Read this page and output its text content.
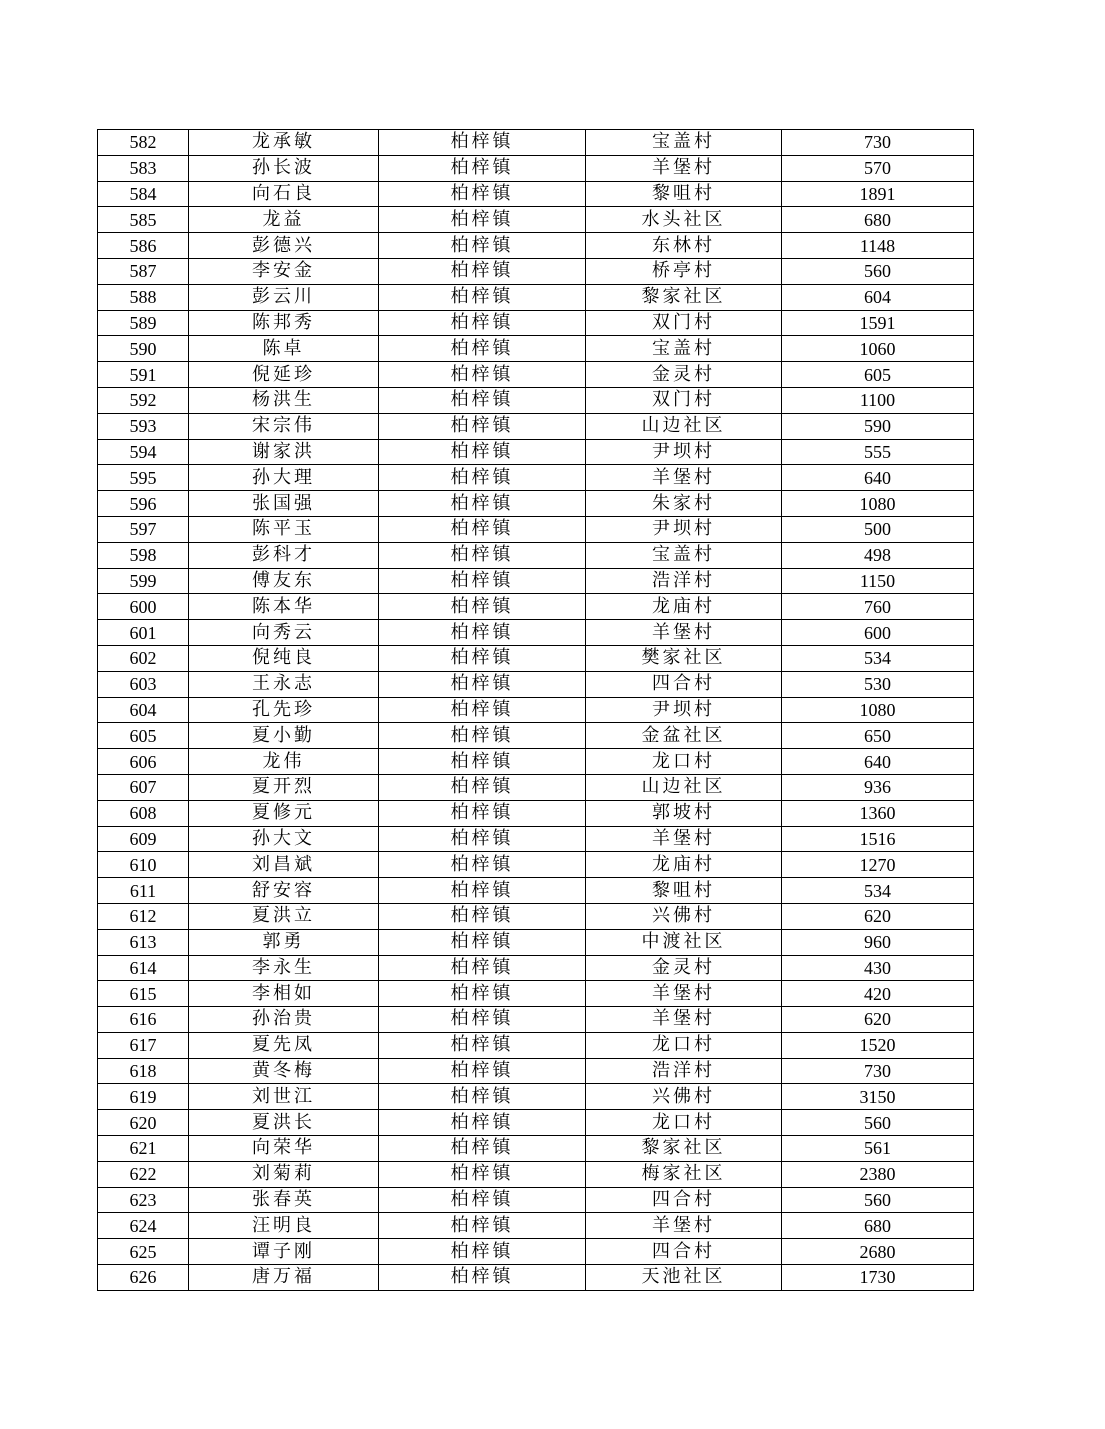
582	龙承敏	柏梓镇	宝盖村	730
583	孙长波	柏梓镇	羊堡村	570
584	向石良	柏梓镇	黎咀村	1891
585	龙益	柏梓镇	水头社区	680
586	彭德兴	柏梓镇	东林村	1148
587	李安金	柏梓镇	桥亭村	560
588	彭云川	柏梓镇	黎家社区	604
589	陈邦秀	柏梓镇	双门村	1591
590	陈卓	柏梓镇	宝盖村	1060
591	倪延珍	柏梓镇	金灵村	605
592	杨洪生	柏梓镇	双门村	1100
593	宋宗伟	柏梓镇	山边社区	590
594	谢家洪	柏梓镇	尹坝村	555
595	孙大理	柏梓镇	羊堡村	640
596	张国强	柏梓镇	朱家村	1080
597	陈平玉	柏梓镇	尹坝村	500
598	彭科才	柏梓镇	宝盖村	498
599	傅友东	柏梓镇	浩洋村	1150
600	陈本华	柏梓镇	龙庙村	760
601	向秀云	柏梓镇	羊堡村	600
602	倪纯良	柏梓镇	樊家社区	534
603	王永志	柏梓镇	四合村	530
604	孔先珍	柏梓镇	尹坝村	1080
605	夏小勤	柏梓镇	金盆社区	650
606	龙伟	柏梓镇	龙口村	640
607	夏开烈	柏梓镇	山边社区	936
608	夏修元	柏梓镇	郭坡村	1360
609	孙大文	柏梓镇	羊堡村	1516
610	刘昌斌	柏梓镇	龙庙村	1270
611	舒安容	柏梓镇	黎咀村	534
612	夏洪立	柏梓镇	兴佛村	620
613	郭勇	柏梓镇	中渡社区	960
614	李永生	柏梓镇	金灵村	430
615	李相如	柏梓镇	羊堡村	420
616	孙治贵	柏梓镇	羊堡村	620
617	夏先凤	柏梓镇	龙口村	1520
618	黄冬梅	柏梓镇	浩洋村	730
619	刘世江	柏梓镇	兴佛村	3150
620	夏洪长	柏梓镇	龙口村	560
621	向荣华	柏梓镇	黎家社区	561
622	刘菊莉	柏梓镇	梅家社区	2380
623	张春英	柏梓镇	四合村	560
624	汪明良	柏梓镇	羊堡村	680
625	谭子刚	柏梓镇	四合村	2680
626	唐万福	柏梓镇	天池社区	1730
